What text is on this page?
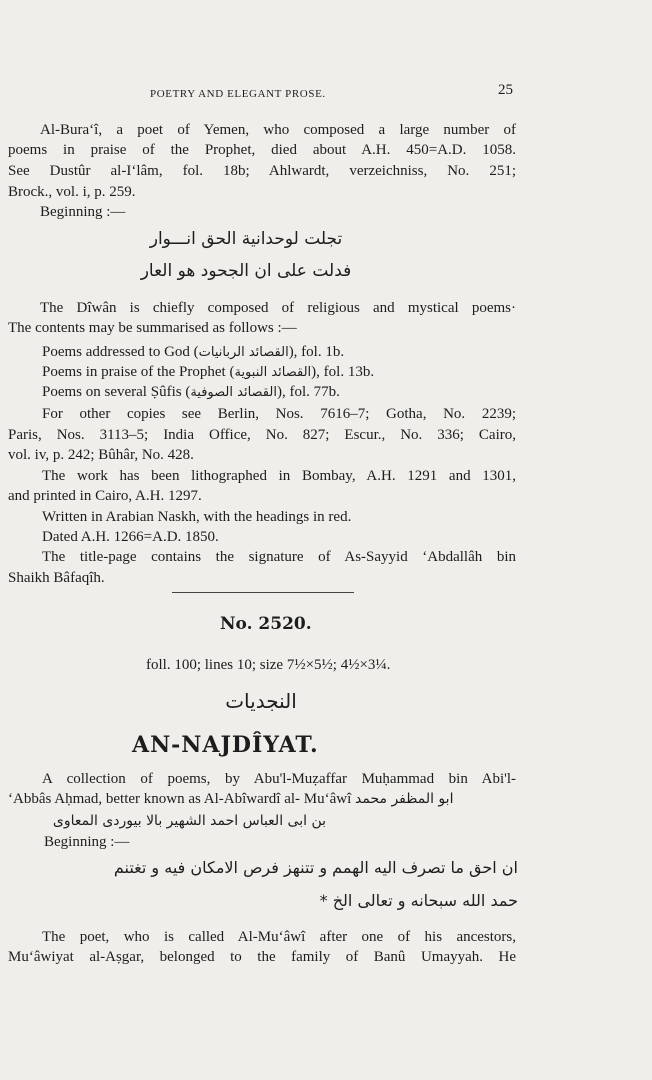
POETRY AND ELEGANT PROSE.	25
Al-Bura‘î, a poet of Yemen, who composed a large number of
poems in praise of the Prophet, died about A.H. 450=A.D. 1058.
See Dustûr al-I‘lâm, fol. 18b; Ahlwardt, verzeichniss, No. 251;
Brock., vol. i, p. 259.
Beginning :—
تجلت لوحدانية الحق انـــوار
فدلت على ان الجحود هو العار
The Dîwân is chiefly composed of religious and mystical poems·
The contents may be summarised as follows :—
Poems addressed to God (القصائد الربانيات), fol. 1b.
Poems in praise of the Prophet (القصائد النبوية), fol. 13b.
Poems on several Ṣûfis (القصائد الصوفية), fol. 77b.
For other copies see Berlin, Nos. 7616–7; Gotha, No. 2239;
Paris, Nos. 3113–5; India Office, No. 827; Escur., No. 336; Cairo,
vol. iv, p. 242; Bûhâr, No. 428.
The work has been lithographed in Bombay, A.H. 1291 and 1301,
and printed in Cairo, A.H. 1297.
Written in Arabian Naskh, with the headings in red.
Dated A.H. 1266=A.D. 1850.
The title-page contains the signature of As-Sayyid ‘Abdallâh bin
Shaikh Bâfaqîh.
No. 2520.
foll. 100; lines 10; size 7½×5½; 4½×3¼.
النجديات
AN-NAJDÎYAT.
A collection of poems, by Abu'l-Muẓaffar Muḥammad bin Abi'l-
‘Abbâs Aḥmad, better known as Al-Abîwardî al- Mu‘âwî ابو المظفر محمد
بن ابى العباس احمد الشهير بالا بيوردى المعاوى
Beginning :—
ان احق ما تصرف اليه الهمم و تتنهز فرص الامكان فيه و تغتنم
حمد الله سبحانه و تعالى الخ *
The poet, who is called Al-Mu‘âwî after one of his ancestors,
Mu‘âwiyat al-Aṣgar, belonged to the family of Banû Umayyah. He
